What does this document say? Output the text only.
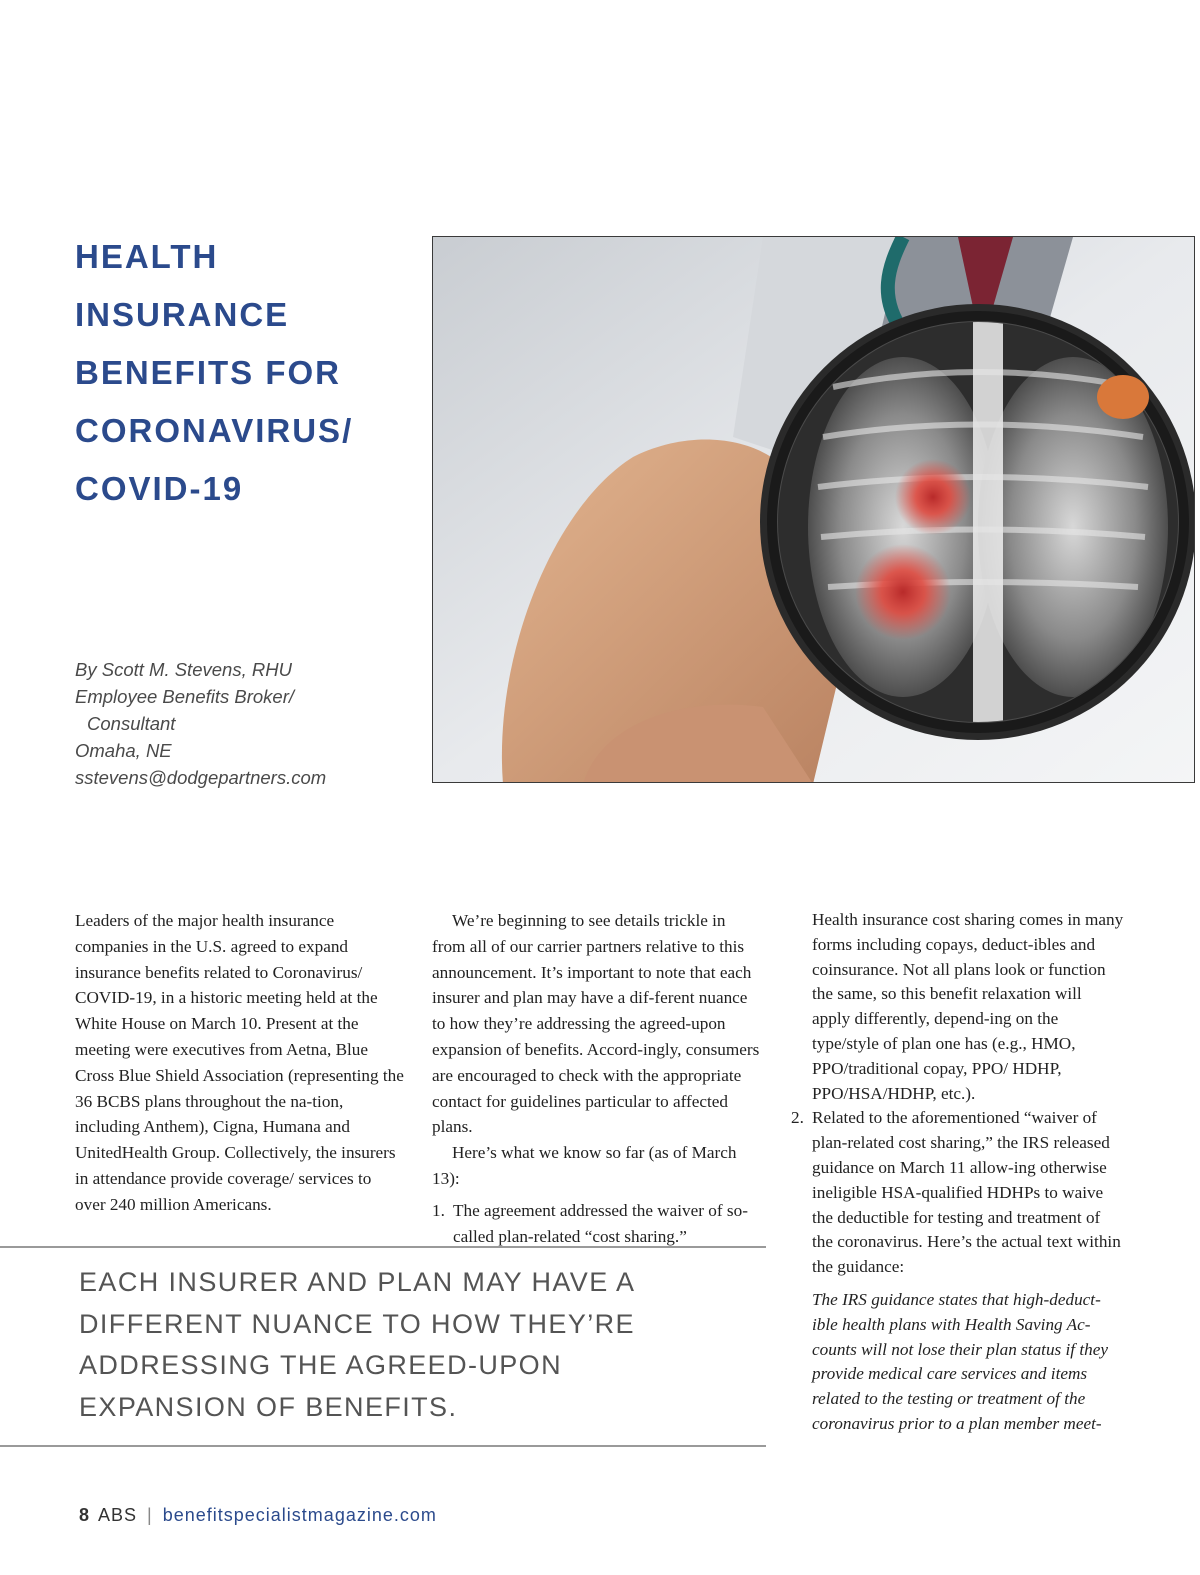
HEALTH
INSURANCE
BENEFITS FOR
CORONAVIRUS/
COVID-19
By Scott M. Stevens, RHU
Employee Benefits Broker/
Consultant
Omaha, NE
sstevens@dodgepartners.com

Leaders of the major health insurance companies in the U.S. agreed to expand insurance benefits related to Coronavirus/ COVID-19, in a historic meeting held at the White House on March 10. Present at the meeting were executives from Aetna, Blue Cross Blue Shield Association (representing the 36 BCBS plans throughout the na-tion, including Anthem), Cigna, Humana and UnitedHealth Group. Collectively, the insurers in attendance provide coverage/ services to over 240 million Americans.

We’re beginning to see details trickle in from all of our carrier partners relative to this announcement. It’s important to note that each insurer and plan may have a dif-ferent nuance to how they’re addressing the agreed-upon expansion of benefits. Accord-ingly, consumers are encouraged to check with the appropriate contact for guidelines particular to affected plans.

Here’s what we know so far (as of March 13):

1. The agreement addressed the waiver of so-called plan-related “cost sharing.”

Health insurance cost sharing comes in many forms including copays, deduct-ibles and coinsurance. Not all plans look or function the same, so this benefit relaxation will apply differently, depend-ing on the type/style of plan one has (e.g., HMO, PPO/traditional copay, PPO/ HDHP, PPO/HSA/HDHP, etc.).

2. Related to the aforementioned “waiver of plan-related cost sharing,” the IRS released guidance on March 11 allow-ing otherwise ineligible HSA-qualified HDHPs to waive the deductible for testing and treatment of the coronavirus. Here’s the actual text within the guidance:

The IRS guidance states that high-deduct-ible health plans with Health Saving Ac-counts will not lose their plan status if they provide medical care services and items related to the testing or treatment of the coronavirus prior to a plan member meet-

EACH INSURER AND PLAN MAY HAVE A
DIFFERENT NUANCE TO HOW THEY’RE
ADDRESSING THE AGREED-UPON
EXPANSION OF BENEFITS.
8 ABS | benefitspecialistmagazine.com
